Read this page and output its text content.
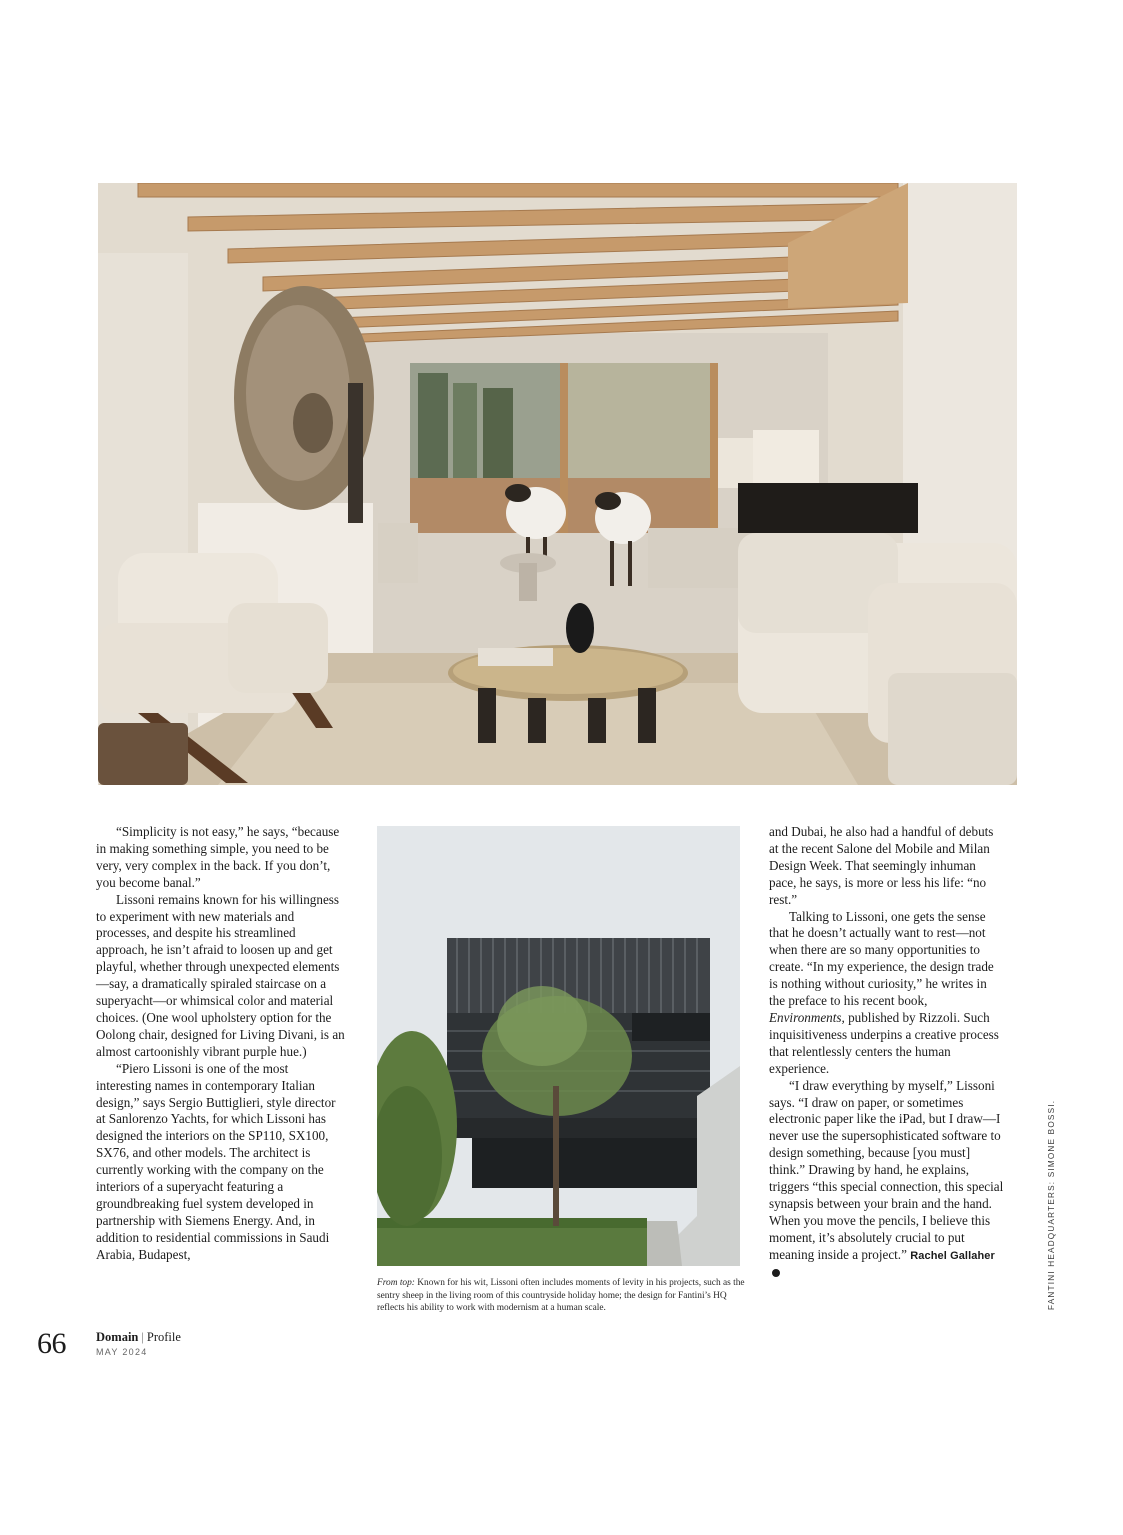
“Simplicity is not easy,” he says, “because in making something simple, you need to be very, very complex in the back. If you don’t, you become banal.”

Lissoni remains known for his willingness to experiment with new materials and processes, and despite his streamlined approach, he isn’t afraid to loosen up and get playful, whether through unexpected elements—say, a dramatically spiraled staircase on a superyacht—or whimsical color and material choices. (One wool upholstery option for the Oolong chair, designed for Living Divani, is an almost cartoonishly vibrant purple hue.)

“Piero Lissoni is one of the most interesting names in contemporary Italian design,” says Sergio Buttiglieri, style director at Sanlorenzo Yachts, for which Lissoni has designed the interiors on the SP110, SX100, SX76, and other models. The architect is currently working with the company on the interiors of a superyacht featuring a groundbreaking fuel system developed in partnership with Siemens Energy. And, in addition to residential commissions in Saudi Arabia, Budapest,

From top: Known for his wit, Lissoni often includes moments of levity in his projects, such as the sentry sheep in the living room of this countryside holiday home; the design for Fantini’s HQ reflects his ability to work with modernism at a human scale.

and Dubai, he also had a handful of debuts at the recent Salone del Mobile and Milan Design Week. That seemingly inhuman pace, he says, is more or less his life: “no rest.”

Talking to Lissoni, one gets the sense that he doesn’t actually want to rest—not when there are so many opportunities to create. “In my experience, the design trade is nothing without curiosity,” he writes in the preface to his recent book, Environments, published by Rizzoli. Such inquisitiveness underpins a creative process that relentlessly centers the human experience.

“I draw everything by myself,” Lissoni says. “I draw on paper, or sometimes electronic paper like the iPad, but I draw—I never use the supersophisticated software to design something, because [you must] think.” Drawing by hand, he explains, triggers “this special connection, this special synapsis between your brain and the hand. When you move the pencils, I believe this moment, it’s absolutely crucial to put meaning inside a project.” Rachel Gallaher

66 Domain | Profile
MAY 2024
FANTINI HEADQUARTERS: SIMONE BOSSI.
